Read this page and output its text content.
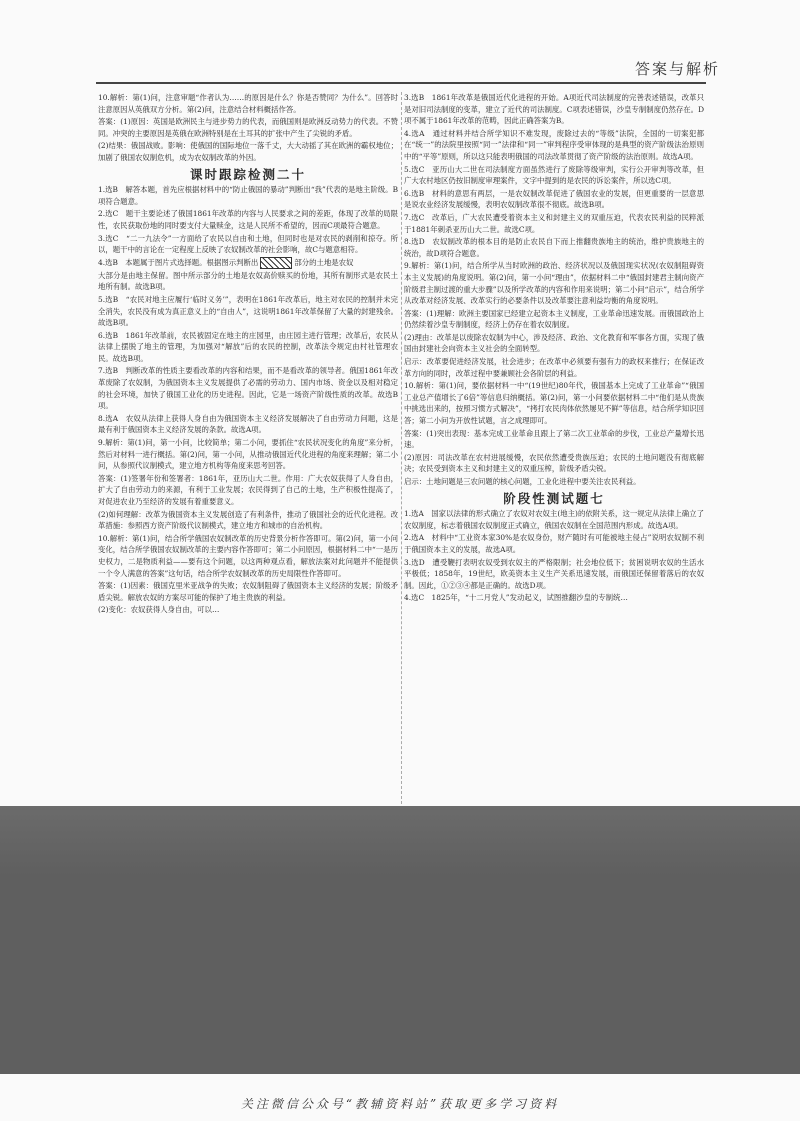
答案与解析

10.解析：第(1)问，注意审题“作者认为……的原因是什么？你是否赞同？为什么”。回答时注意原因从英俄双方分析。第(2)问，注意结合材料概括作答。

答案：(1)原因：英国是欧洲民主与进步势力的代表，而俄国则是欧洲反动势力的代表。不赞同。冲突的主要原因是英俄在欧洲特别是在土耳其的扩张中产生了尖锐的矛盾。

(2)结果：俄国战败。影响：使俄国的国际地位一落千丈，大大动摇了其在欧洲的霸权地位；加剧了俄国农奴制危机，成为农奴制改革的外因。

课时跟踪检测二十

1.选B　解答本题，首先应根据材料中的“防止俄国的暴动”判断出“我”代表的是地主阶级。B项符合题意。

2.选C　题干主要论述了俄国1861年改革的内容与人民要求之间的差距，体现了改革的局限性，农民获取份地的同时要支付大量赎金，这是人民所不希望的，因而C项最符合题意。

3.选C　“二一九法令”一方面给了农民以自由和土地，但同时也是对农民的剥削和掠夺。所以，题干中的言论在一定程度上反映了农奴制改革的社会影响，故C与题意相符。

4.选B　本题属于图片式选择题。根据图示判断出	部分的土地是农奴

大部分是由地主保留。图中所示部分的土地是农奴高价赎买的份地，其所有制形式是农民土地所有制。故选B项。

5.选B　“农民对地主应履行‘临时义务’”，表明在1861年改革后，地主对农民的控制并未完全消失，农民没有成为真正意义上的“自由人”，这说明1861年改革保留了大量的封建残余。故选B项。

6.选B　1861年改革前，农民被固定在地主的庄园里，由庄园主进行管理；改革后，农民从法律上摆脱了地主的管理，为加强对“解放”后的农民的控制，改革法令规定由村社管理农民。故选B项。

7.选B　判断改革的性质主要看改革的内容和结果，而不是看改革的领导者。俄国1861年改革废除了农奴制，为俄国资本主义发展提供了必需的劳动力、国内市场、资金以及相对稳定的社会环境，加快了俄国工业化的历史进程。因此，它是一场资产阶级性质的改革。故选B项。

8.选A　农奴从法律上获得人身自由为俄国资本主义经济发展解决了自由劳动力问题，这是最有利于俄国资本主义经济发展的条款。故选A项。

9.解析：第(1)问，第一小问，比较简单；第二小问，要抓住“农民状况变化的角度”来分析，然后对材料一进行概括。第(2)问，第一小问，从推动俄国近代化进程的角度来理解；第二小问，从参照代议制模式，建立地方机构等角度来思考回答。

答案：(1)签署年份和签署者：1861年，亚历山大二世。作用：广大农奴获得了人身自由，扩大了自由劳动力的来源，有利于工业发展；农民得到了自己的土地，生产积极性提高了，对促进农业乃至经济的发展有着重要意义。

(2)如何理解：改革为俄国资本主义发展创造了有利条件，推动了俄国社会的近代化进程。改革措施：参照西方资产阶级代议制模式，建立地方和城市的自治机构。

10.解析：第(1)问，结合所学俄国农奴制改革的历史背景分析作答即可。第(2)问，第一小问变化，结合所学俄国农奴制改革的主要内容作答即可；第二小问原因，根据材料二中“一是历史权力，二是物质利益——要有这个问题，以这两种观点看，解放法案对此问题并不能提供一个令人满意的答案”这句话，结合所学农奴制改革的历史局限性作答即可。

答案：(1)因素：俄国克里米亚战争的失败；农奴制阻碍了俄国资本主义经济的发展；阶级矛盾尖锐。解放农奴的方案尽可能的保护了地主贵族的利益。

(2)变化：农奴获得人身自由，可以…

3.选B　1861年改革是俄国近代化进程的开始。A项近代司法制度的完善表述错误，改革只是对旧司法制度的变革，建立了近代的司法制度。C项表述错误，沙皇专制制度仍然存在。D项不属于1861年改革的范畴，因此正确答案为B。

4.选A　通过材料并结合所学知识不难发现，废除过去的“等级”法院，全国的一切案犯都在“统一”的法院里按照“同一”法律和“同一”审判程序受审体现的是典型的资产阶级法治原则中的“平等”原则，所以这只能表明俄国的司法改革贯彻了资产阶级的法治原则。故选A项。

5.选C　亚历山大二世在司法制度方面虽然进行了废除等级审判，实行公开审判等改革，但广大农村地区仍按旧制度审理案件，文字中提到的是农民的诉讼案件，所以选C项。

6.选B　材料的意思有两层，一是农奴制改革促进了俄国农业的发展，但更重要的一层意思是说农业经济发展缓慢，表明农奴制改革很不彻底。故选B项。

7.选C　改革后，广大农民遭受着资本主义和封建主义的双重压迫，代表农民利益的民粹派于1881年刺杀亚历山大二世。故选C项。

8.选D　农奴制改革的根本目的是防止农民自下而上推翻贵族地主的统治，维护贵族地主的统治，故D项符合题意。

9.解析：第(1)问，结合所学从当时欧洲的政治、经济状况以及俄国现实状况(农奴制阻碍资本主义发展)的角度说明。第(2)问，第一小问“理由”，依据材料二中“俄国封建君主制向资产阶级君主制过渡的重大步骤”以及所学改革的内容和作用来说明；第二小问“启示”，结合所学从改革对经济发展、改革实行的必要条件以及改革要注意利益均衡的角度说明。

答案：(1)理解：欧洲主要国家已经建立起资本主义制度，工业革命迅速发展。而俄国政治上仍然续着沙皇专制制度，经济上仍存在着农奴制度。

(2)理由：改革是以废除农奴制为中心，涉及经济、政治、文化教育和军事各方面，实现了俄国由封建社会向资本主义社会的全面转型。

启示：改革要促进经济发展，社会进步；在改革中必须要有强有力的政权来推行；在保证改革方向的同时，改革过程中要兼顾社会各阶层的利益。

10.解析：第(1)问，要依据材料一中“(19世纪)80年代，俄国基本上完成了工业革命”“俄国工业总产值增长了6倍”等信息归纳概括。第(2)问，第一小问要依据材料二中“他们是从贵族中挑选出来的，按照习惯方式解决”，“拷打农民肉体依然屡见不鲜”等信息，结合所学知识回答；第二小问为开放性试题，言之成理即可。

答案：(1)突出表现：基本完成工业革命且跟上了第二次工业革命的步伐，工业总产量增长迅速。

(2)原因：司法改革在农村进展缓慢，农民依然遭受贵族压迫；农民的土地问题没有彻底解决；农民受到资本主义和封建主义的双重压榨，阶级矛盾尖锐。

启示：土地问题是三农问题的核心问题，工业化进程中要关注农民利益。

阶段性测试题七

1.选A　国家以法律的形式确立了农奴对农奴主(地主)的依附关系，这一规定从法律上确立了农奴制度，标志着俄国农奴制度正式确立，俄国农奴制在全国范围内形成。故选A项。

2.选A　材料中“工业资本家30%是农奴身份，财产随时有可能被地主侵占”说明农奴制不利于俄国资本主义的发展，故选A项。

3.选D　遭受鞭打表明农奴受到农奴主的严格限制；社会地位低下；贫困说明农奴的生活水平极低；1858年，19世纪，欧美资本主义生产关系迅速发展，而俄国还保留着落后的农奴制。因此，①②③④都是正确的。故选D项。

4.选C　1825年，“十二月党人”发动起义，试图推翻沙皇的专制统…

关注微信公众号“教辅资料站”获取更多学习资料
